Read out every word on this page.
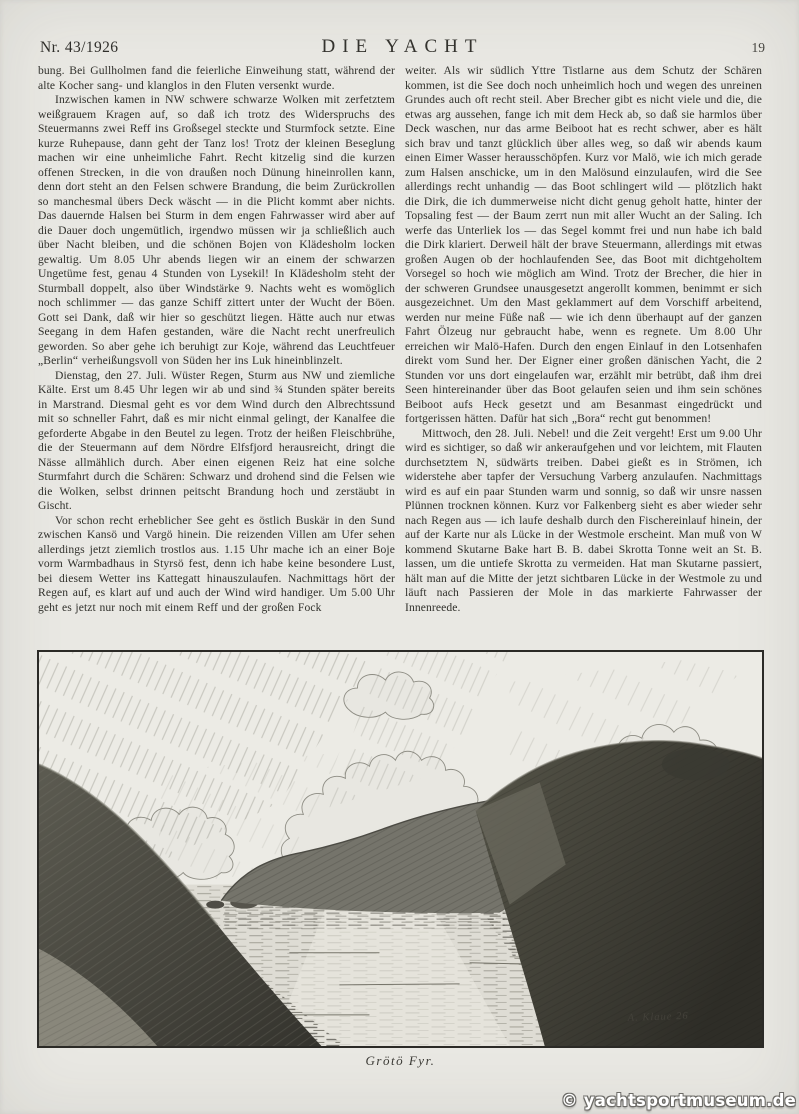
Nr. 43/1926	DIE YACHT	19

bung. Bei Gullholmen fand die feierliche Einweihung statt, während der alte Kocher sang- und klanglos in den Fluten versenkt wurde.

Inzwischen kamen in NW schwere schwarze Wolken mit zerfetztem weißgrauem Kragen auf, so daß ich trotz des Widerspruchs des Steuermanns zwei Reff ins Großsegel steckte und Sturmfock setzte. Eine kurze Ruhepause, dann geht der Tanz los! Trotz der kleinen Beseglung machen wir eine unheimliche Fahrt. Recht kitzelig sind die kurzen offenen Strecken, in die von draußen noch Dünung hineinrollen kann, denn dort steht an den Felsen schwere Brandung, die beim Zurückrollen so manchesmal übers Deck wäscht — in die Plicht kommt aber nichts. Das dauernde Halsen bei Sturm in dem engen Fahrwasser wird aber auf die Dauer doch ungemütlich, irgendwo müssen wir ja schließlich auch über Nacht bleiben, und die schönen Bojen von Klädesholm locken gewaltig. Um 8.05 Uhr abends liegen wir an einem der schwarzen Ungetüme fest, genau 4 Stunden von Lysekil! In Klädesholm steht der Sturmball doppelt, also über Windstärke 9. Nachts weht es womöglich noch schlimmer — das ganze Schiff zittert unter der Wucht der Böen. Gott sei Dank, daß wir hier so geschützt liegen. Hätte auch nur etwas Seegang in dem Hafen gestanden, wäre die Nacht recht unerfreulich geworden. So aber gehe ich beruhigt zur Koje, während das Leuchtfeuer „Berlin“ verheißungsvoll von Süden her ins Luk hineinblinzelt.

Dienstag, den 27. Juli. Wüster Regen, Sturm aus NW und ziemliche Kälte. Erst um 8.45 Uhr legen wir ab und sind ¾ Stunden später bereits in Marstrand. Diesmal geht es vor dem Wind durch den Albrechtssund mit so schneller Fahrt, daß es mir nicht einmal gelingt, der Kanalfee die geforderte Abgabe in den Beutel zu legen. Trotz der heißen Fleischbrühe, die der Steuermann auf dem Nördre Elfsfjord herausreicht, dringt die Nässe allmählich durch. Aber einen eigenen Reiz hat eine solche Sturmfahrt durch die Schären: Schwarz und drohend sind die Felsen wie die Wolken, selbst drinnen peitscht Brandung hoch und zerstäubt in Gischt.

Vor schon recht erheblicher See geht es östlich Buskär in den Sund zwischen Kansö und Vargö hinein. Die reizenden Villen am Ufer sehen allerdings jetzt ziemlich trostlos aus. 1.15 Uhr mache ich an einer Boje vorm Warmbadhaus in Styrsö fest, denn ich habe keine besondere Lust, bei diesem Wetter ins Kattegatt hinauszulaufen. Nachmittags hört der Regen auf, es klart auf und auch der Wind wird handiger. Um 5.00 Uhr geht es jetzt nur noch mit einem Reff und der großen Fock

weiter. Als wir südlich Yttre Tistlarne aus dem Schutz der Schären kommen, ist die See doch noch unheimlich hoch und wegen des unreinen Grundes auch oft recht steil. Aber Brecher gibt es nicht viele und die, die etwas arg aussehen, fange ich mit dem Heck ab, so daß sie harmlos über Deck waschen, nur das arme Beiboot hat es recht schwer, aber es hält sich brav und tanzt glücklich über alles weg, so daß wir abends kaum einen Eimer Wasser herausschöpfen. Kurz vor Malö, wie ich mich gerade zum Halsen anschicke, um in den Malösund einzulaufen, wird die See allerdings recht unhandig — das Boot schlingert wild — plötzlich hakt die Dirk, die ich dummerweise nicht dicht genug geholt hatte, hinter der Topsaling fest — der Baum zerrt nun mit aller Wucht an der Saling. Ich werfe das Unterliek los — das Segel kommt frei und nun habe ich bald die Dirk klariert. Derweil hält der brave Steuermann, allerdings mit etwas großen Augen ob der hochlaufenden See, das Boot mit dichtgeholtem Vorsegel so hoch wie möglich am Wind. Trotz der Brecher, die hier in der schweren Grundsee unausgesetzt angerollt kommen, benimmt er sich ausgezeichnet. Um den Mast geklammert auf dem Vorschiff arbeitend, werden nur meine Füße naß — wie ich denn überhaupt auf der ganzen Fahrt Ölzeug nur gebraucht habe, wenn es regnete. Um 8.00 Uhr erreichen wir Malö-Hafen. Durch den engen Einlauf in den Lotsenhafen direkt vom Sund her. Der Eigner einer großen dänischen Yacht, die 2 Stunden vor uns dort eingelaufen war, erzählt mir betrübt, daß ihm drei Seen hintereinander über das Boot gelaufen seien und ihm sein schönes Beiboot aufs Heck gesetzt und am Besanmast eingedrückt und fortgerissen hätten. Dafür hat sich „Bora“ recht gut benommen!

Mittwoch, den 28. Juli. Nebel! und die Zeit vergeht! Erst um 9.00 Uhr wird es sichtiger, so daß wir ankeraufgehen und vor leichtem, mit Flauten durchsetztem N, südwärts treiben. Dabei gießt es in Strömen, ich widerstehe aber tapfer der Versuchung Varberg anzulaufen. Nachmittags wird es auf ein paar Stunden warm und sonnig, so daß wir unsre nassen Plünnen trocknen können. Kurz vor Falkenberg sieht es aber wieder sehr nach Regen aus — ich laufe deshalb durch den Fischereinlauf hinein, der auf der Karte nur als Lücke in der Westmole erscheint. Man muß von W kommend Skutarne Bake hart B. B. dabei Skrotta Tonne weit an St. B. lassen, um die untiefe Skrotta zu vermeiden. Hat man Skutarne passiert, hält man auf die Mitte der jetzt sichtbaren Lücke in der Westmole zu und läuft nach Passieren der Mole in das markierte Fahrwasser der Innenreede.

A. Klaue 26
Grötö Fyr.
© yachtsportmuseum.de
